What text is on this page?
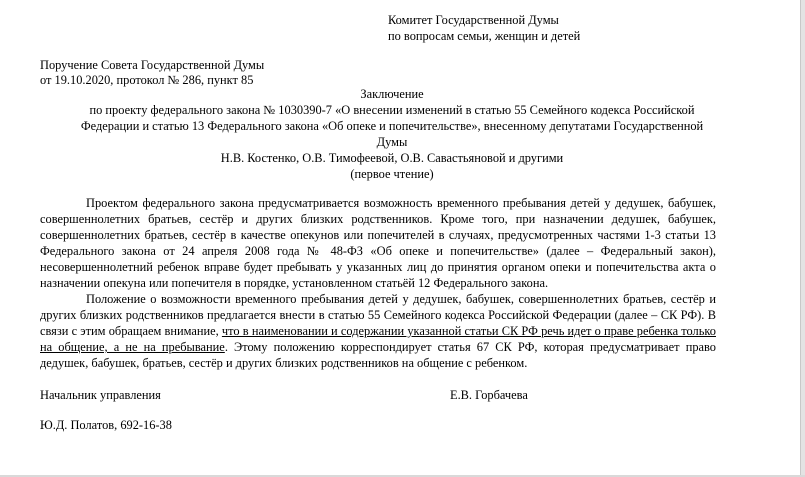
Комитет Государственной Думы
по вопросам семьи, женщин и детей
Поручение Совета Государственной Думы
от 19.10.2020, протокол № 286, пункт 85
Заключение
по проекту федерального закона № 1030390-7 «О внесении изменений в статью 55 Семейного кодекса Российской
Федерации и статью 13 Федерального закона «Об опеке и попечительстве», внесенному депутатами Государственной
Думы
Н.В. Костенко, О.В. Тимофеевой, О.В. Савастьяновой и другими
(первое чтение)

Проектом федерального закона предусматривается возможность временного пребывания детей у дедушек, бабушек, совершеннолетних братьев, сестёр и других близких родственников. Кроме того, при назначении дедушек, бабушек, совершеннолетних братьев, сестёр в качестве опекунов или попечителей в случаях, предусмотренных частями 1-3 статьи 13 Федерального закона от 24 апреля 2008 года № 48-ФЗ «Об опеке и попечительстве» (далее – Федеральный закон), несовершеннолетний ребенок вправе будет пребывать у указанных лиц до принятия органом опеки и попечительства акта о назначении опекуна или попечителя в порядке, установленном статьёй 12 Федерального закона.

Положение о возможности временного пребывания детей у дедушек, бабушек, совершеннолетних братьев, сестёр и других близких родственников предлагается внести в статью 55 Семейного кодекса Российской Федерации (далее – СК РФ). В связи с этим обращаем внимание, что в наименовании и содержании указанной статьи СК РФ речь идет о праве ребенка только на общение, а не на пребывание. Этому положению корреспондирует статья 67 СК РФ, которая предусматривает право дедушек, бабушек, братьев, сестёр и других близких родственников на общение с ребенком.

Начальник управления	Е.В. Горбачева
Ю.Д. Полатов, 692-16-38
